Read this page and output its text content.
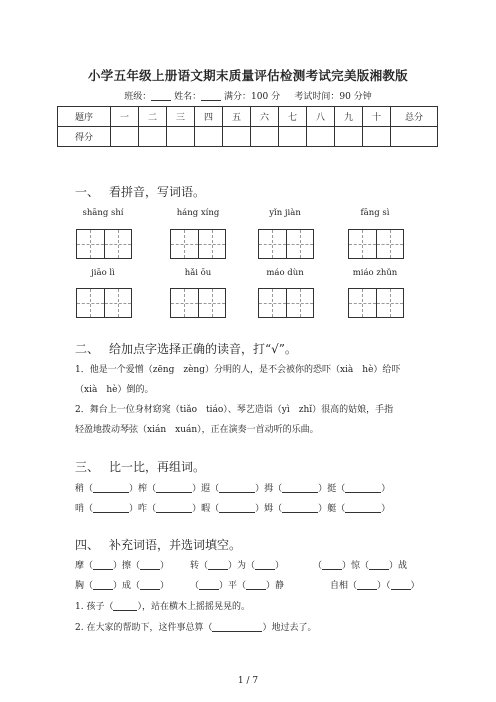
小学五年级上册语文期末质量评估检测考试完美版湘教版
班级：	姓名：	满分：100 分 考试时间：90 分钟
题序	一	二	三	四	五	六	七	八	九	十	总分
得分											
一、 看拼音，写词语。
shāng shí	háng xíng	yǐn jiàn	fāng sì
jiāo lì	hǎi ōu	máo dùn	miáo zhǔn
二、 给加点字选择正确的读音，打“√”。
1．他是一个爱憎（zēng　zèng）分明的人，是不会被你的恐吓（xià　hè）给吓
（xià　hè）倒的。
2．舞台上一位身材窈窕（tiǎo　tiáo）、琴艺造诣（yì　zhǐ）很高的姑娘，手指
轻盈地拨动琴弦（xián　xuán），正在演奏一首动听的乐曲。
三、 比一比，再组词。
稍（	）榨（	）遐（	）拇（	）挺（	）
哨（	）咋（	）暇（	）姆（	）艇（	）
四、 补充词语，并选词填空。
摩（ ）擦（ ） 转（ ）为（ ）	（ ）惊（ ）战
胸（ ）成（ ） （ ）平（ ）静	自相（ ）（ ）
1. 孩子（	），站在横木上摇摇晃晃的。
2. 在大家的帮助下，这件事总算（	）地过去了。
1 / 7
